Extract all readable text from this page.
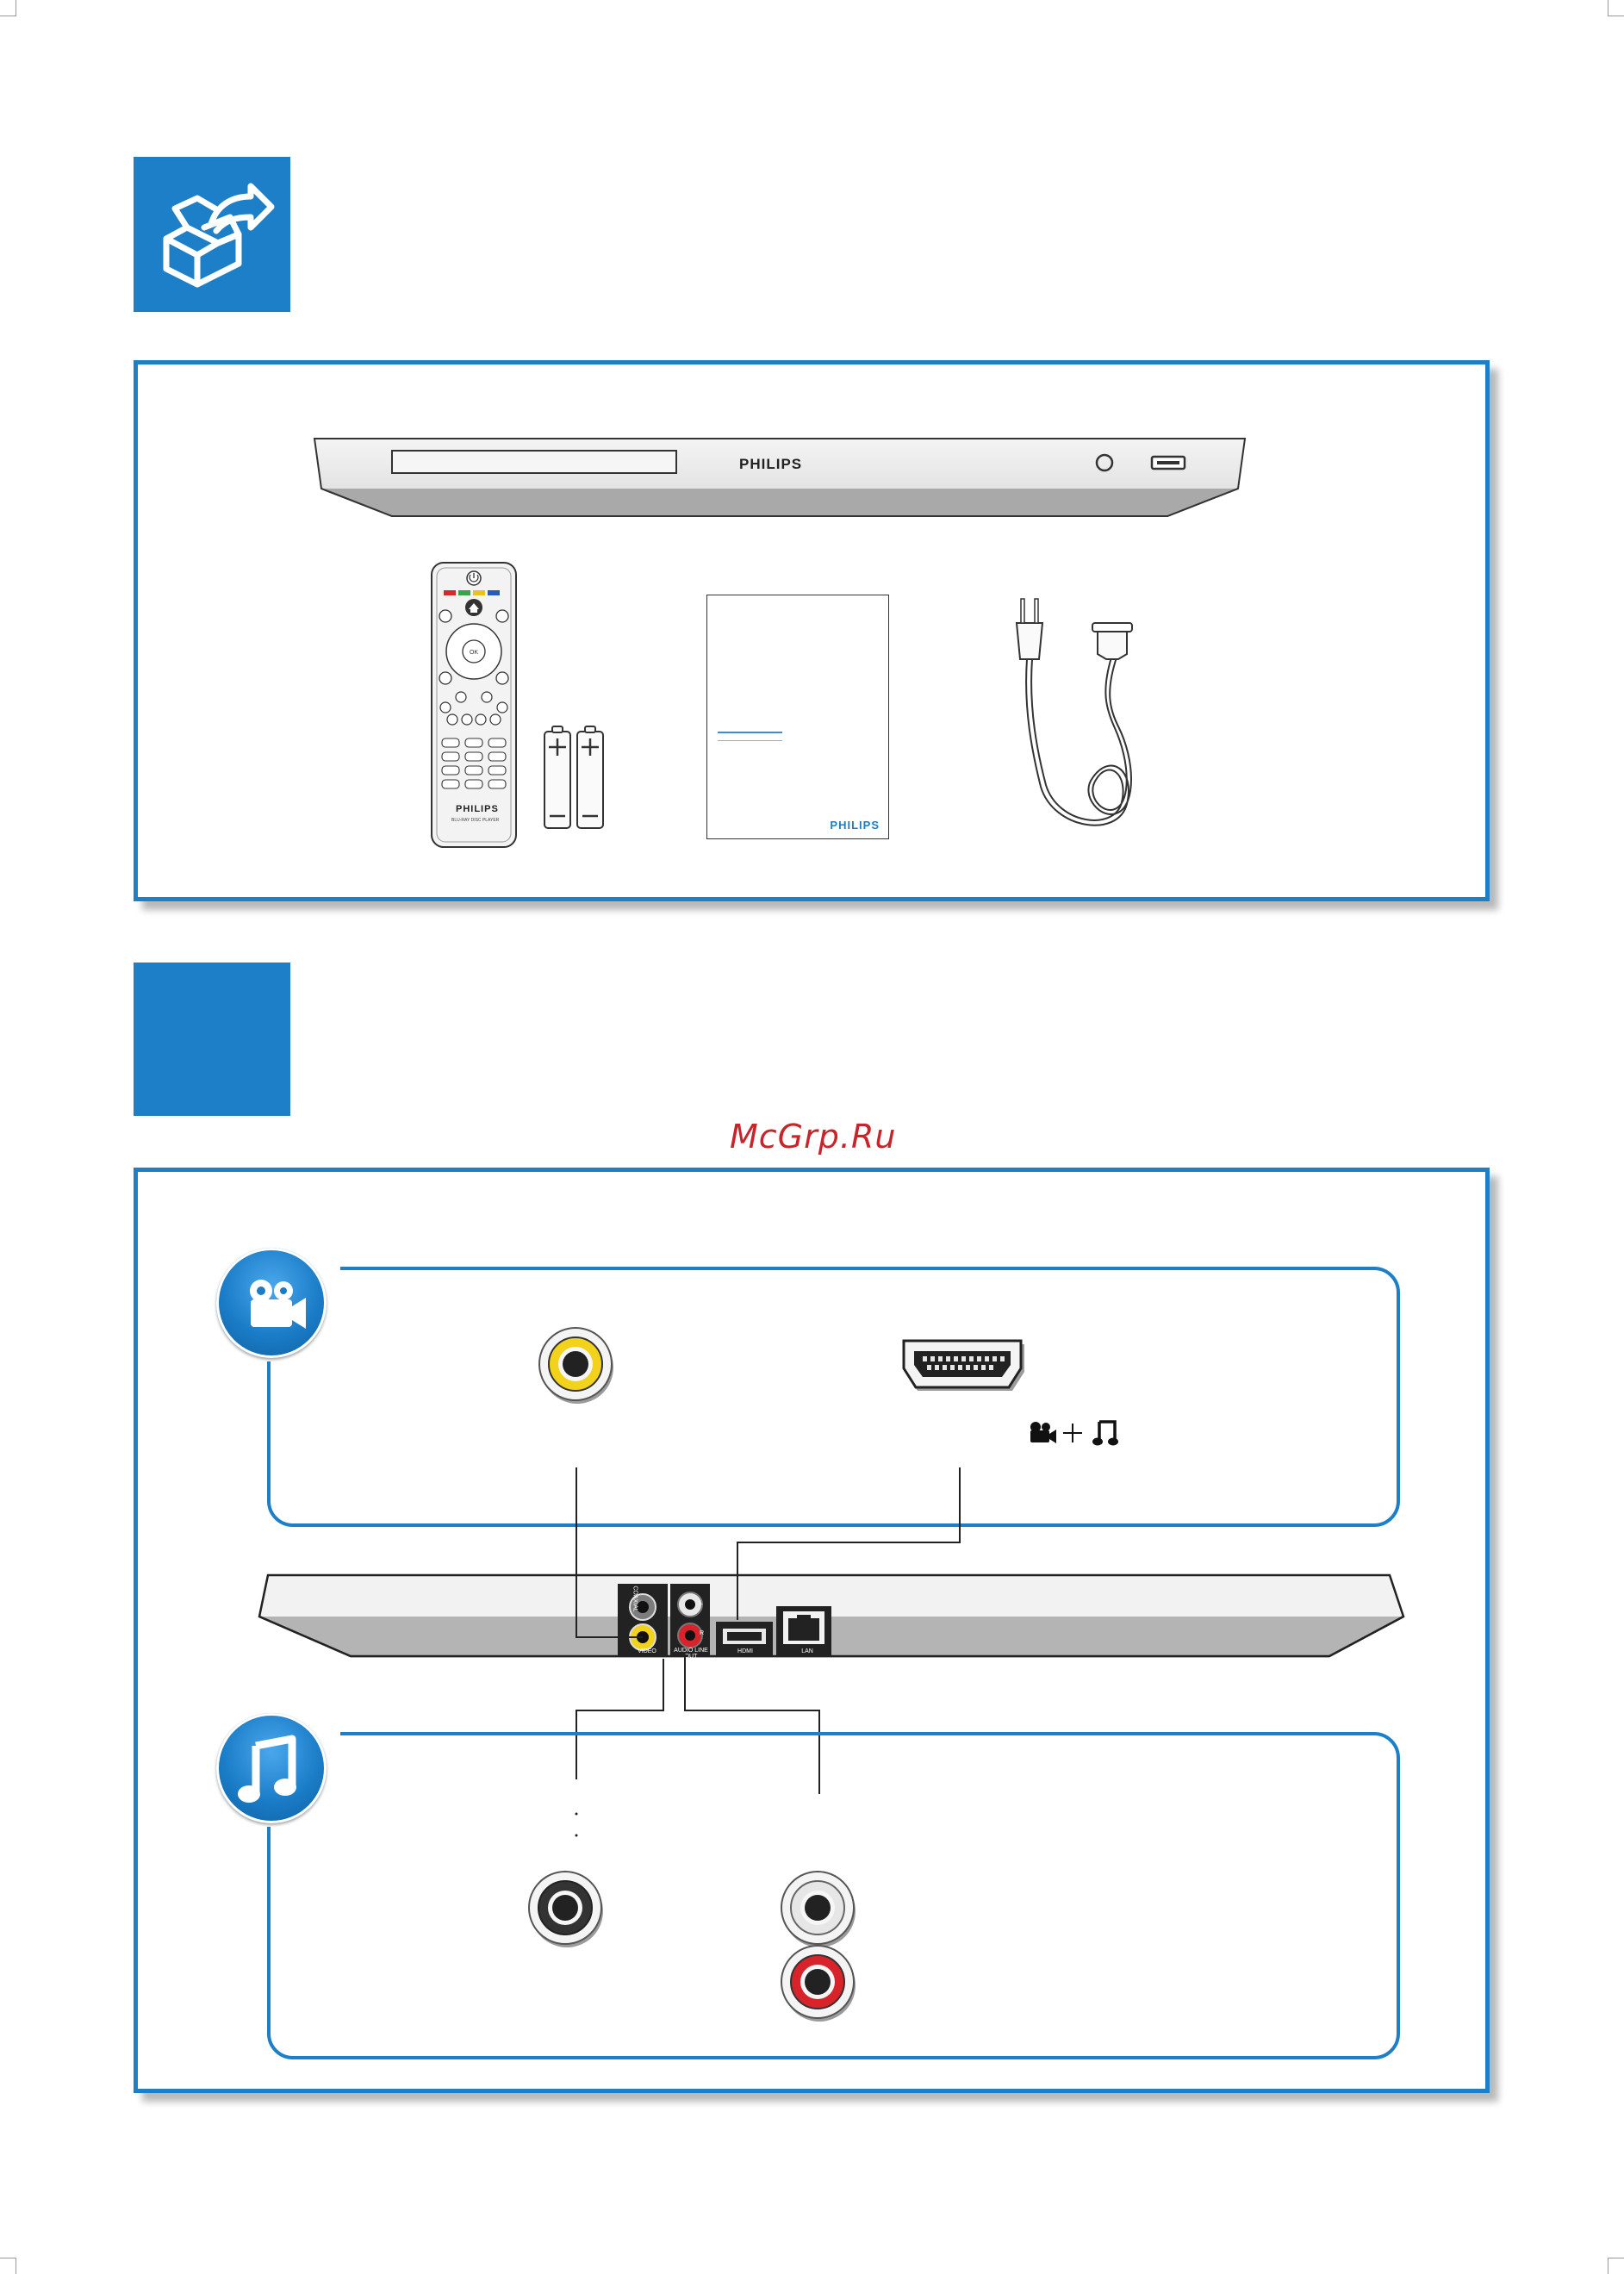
PHILIPS
OK
PHILIPS
BLU-RAY DISC PLAYER	PHILIPS
McGrp.Ru
COAXIAL
VIDEO	AUDIO LINE OUT
L
R
HDMI	LAN
